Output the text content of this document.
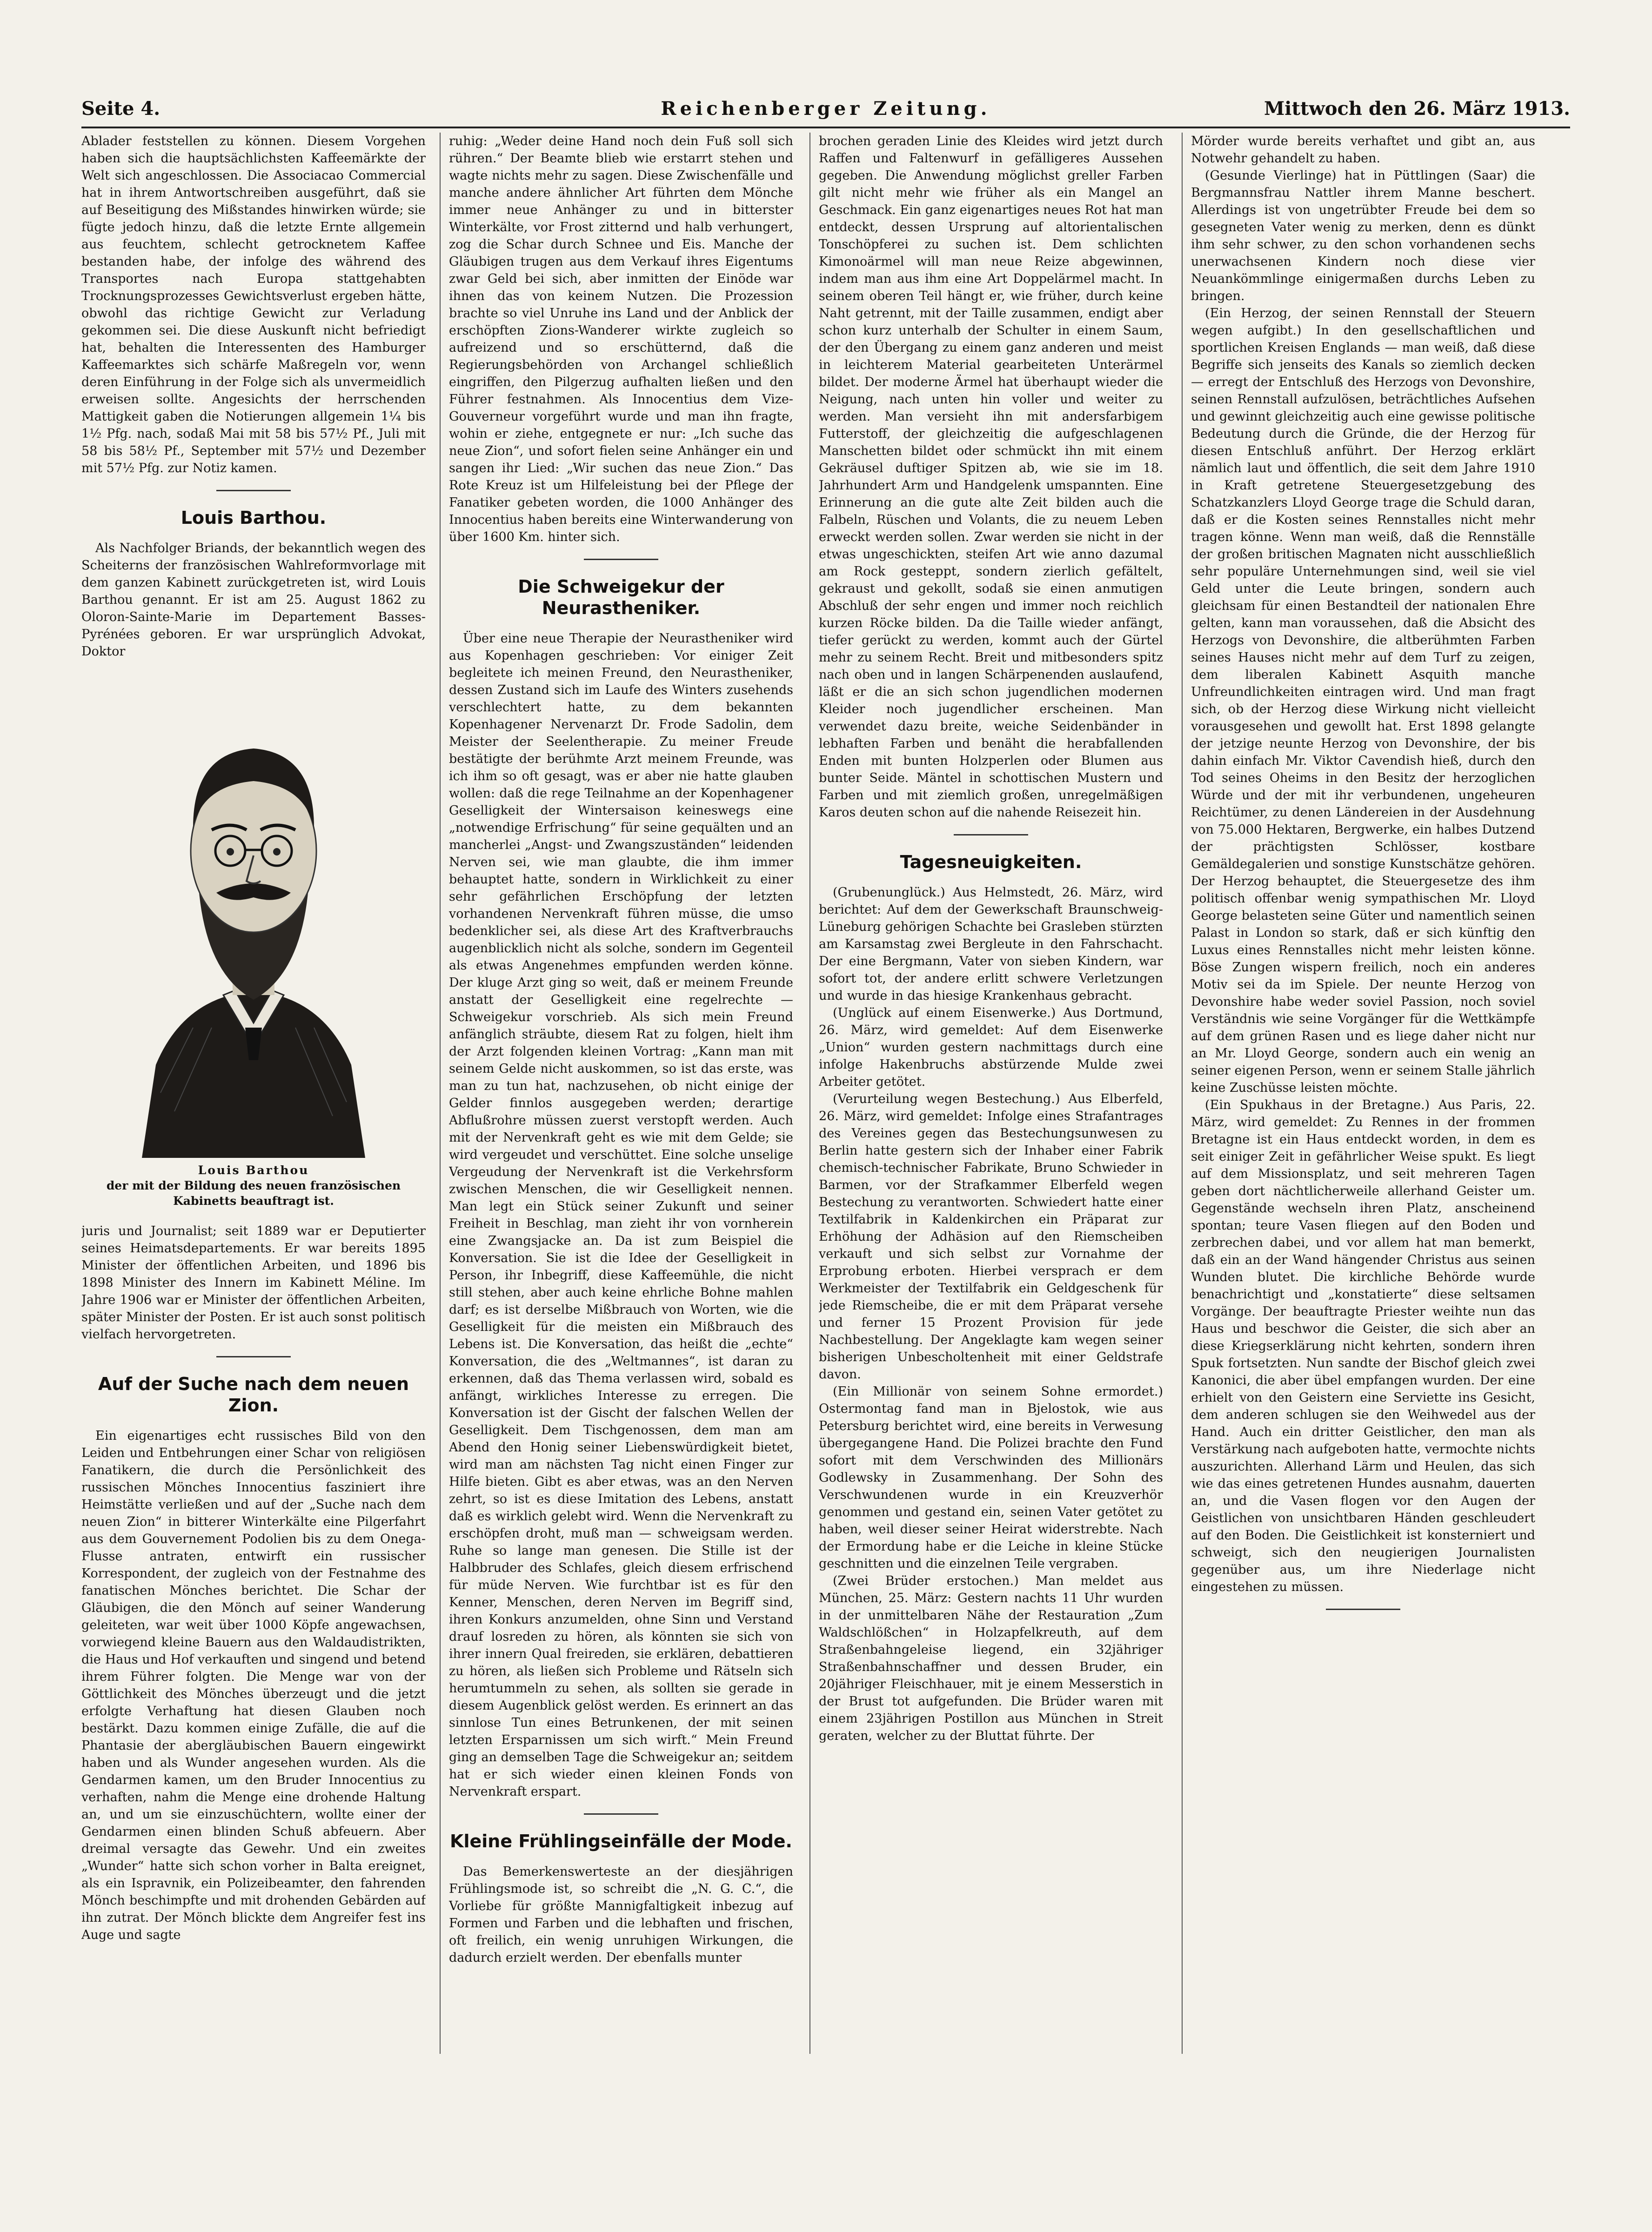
Seite 4.	Reichenberger Zeitung.	Mittwoch den 26. März 1913.

Ablader feststellen zu können. Diesem Vorgehen haben sich die hauptsächlichsten Kaffeemärkte der Welt sich angeschlossen. Die Associacao Commercial hat in ihrem Antwortschreiben ausgeführt, daß sie auf Beseitigung des Mißstandes hinwirken würde; sie fügte jedoch hinzu, daß die letzte Ernte allgemein aus feuchtem, schlecht getrocknetem Kaffee bestanden habe, der infolge des während des Transportes nach Europa stattgehabten Trocknungsprozesses Gewichtsverlust ergeben hätte, obwohl das richtige Gewicht zur Verladung gekommen sei. Die diese Auskunft nicht befriedigt hat, behalten die Interessenten des Hamburger Kaffeemarktes sich schärfe Maßregeln vor, wenn deren Einführung in der Folge sich als unvermeidlich erweisen sollte. Angesichts der herrschenden Mattigkeit gaben die Notierungen allgemein 1¼ bis 1½ Pfg. nach, sodaß Mai mit 58 bis 57½ Pf., Juli mit 58 bis 58½ Pf., September mit 57½ und Dezember mit 57½ Pfg. zur Notiz kamen.

Louis Barthou.

Als Nachfolger Briands, der bekanntlich wegen des Scheiterns der französischen Wahlreformvorlage mit dem ganzen Kabinett zurückgetreten ist, wird Louis Barthou genannt. Er ist am 25. August 1862 zu Oloron-Sainte-Marie im Departement Basses-Pyrénées geboren. Er war ursprünglich Advokat, Doktor

Louis Barthou
der mit der Bildung des neuen französischen Kabinetts beauftragt ist.

juris und Journalist; seit 1889 war er Deputierter seines Heimatsdepartements. Er war bereits 1895 Minister der öffentlichen Arbeiten, und 1896 bis 1898 Minister des Innern im Kabinett Méline. Im Jahre 1906 war er Minister der öffentlichen Arbeiten, später Minister der Posten. Er ist auch sonst politisch vielfach hervorgetreten.

Auf der Suche nach dem neuen Zion.

Ein eigenartiges echt russisches Bild von den Leiden und Entbehrungen einer Schar von religiösen Fanatikern, die durch die Persönlichkeit des russischen Mönches Innocentius fasziniert ihre Heimstätte verließen und auf der „Suche nach dem neuen Zion“ in bitterer Winterkälte eine Pilgerfahrt aus dem Gouvernement Podolien bis zu dem Onega-Flusse antraten, entwirft ein russischer Korrespondent, der zugleich von der Festnahme des fanatischen Mönches berichtet. Die Schar der Gläubigen, die den Mönch auf seiner Wanderung geleiteten, war weit über 1000 Köpfe angewachsen, vorwiegend kleine Bauern aus den Waldaudistrikten, die Haus und Hof verkauften und singend und betend ihrem Führer folgten. Die Menge war von der Göttlichkeit des Mönches überzeugt und die jetzt erfolgte Verhaftung hat diesen Glauben noch bestärkt. Dazu kommen einige Zufälle, die auf die Phantasie der abergläubischen Bauern eingewirkt haben und als Wunder angesehen wurden. Als die Gendarmen kamen, um den Bruder Innocentius zu verhaften, nahm die Menge eine drohende Haltung an, und um sie einzuschüchtern, wollte einer der Gendarmen einen blinden Schuß abfeuern. Aber dreimal versagte das Gewehr. Und ein zweites „Wunder“ hatte sich schon vorher in Balta ereignet, als ein Ispravnik, ein Polizeibeamter, den fahrenden Mönch beschimpfte und mit drohenden Gebärden auf ihn zutrat. Der Mönch blickte dem Angreifer fest ins Auge und sagte

ruhig: „Weder deine Hand noch dein Fuß soll sich rühren.“ Der Beamte blieb wie erstarrt stehen und wagte nichts mehr zu sagen. Diese Zwischenfälle und manche andere ähnlicher Art führten dem Mönche immer neue Anhänger zu und in bitterster Winterkälte, vor Frost zitternd und halb verhungert, zog die Schar durch Schnee und Eis. Manche der Gläubigen trugen aus dem Verkauf ihres Eigentums zwar Geld bei sich, aber inmitten der Einöde war ihnen das von keinem Nutzen. Die Prozession brachte so viel Unruhe ins Land und der Anblick der erschöpften Zions-Wanderer wirkte zugleich so aufreizend und so erschütternd, daß die Regierungsbehörden von Archangel schließlich eingriffen, den Pilgerzug aufhalten ließen und den Führer festnahmen. Als Innocentius dem Vize-Gouverneur vorgeführt wurde und man ihn fragte, wohin er ziehe, entgegnete er nur: „Ich suche das neue Zion“, und sofort fielen seine Anhänger ein und sangen ihr Lied: „Wir suchen das neue Zion.“ Das Rote Kreuz ist um Hilfeleistung bei der Pflege der Fanatiker gebeten worden, die 1000 Anhänger des Innocentius haben bereits eine Winterwanderung von über 1600 Km. hinter sich.

Die Schweigekur der Neurastheniker.

Über eine neue Therapie der Neurastheniker wird aus Kopenhagen geschrieben: Vor einiger Zeit begleitete ich meinen Freund, den Neurastheniker, dessen Zustand sich im Laufe des Winters zusehends verschlechtert hatte, zu dem bekannten Kopenhagener Nervenarzt Dr. Frode Sadolin, dem Meister der Seelentherapie. Zu meiner Freude bestätigte der berühmte Arzt meinem Freunde, was ich ihm so oft gesagt, was er aber nie hatte glauben wollen: daß die rege Teilnahme an der Kopenhagener Geselligkeit der Wintersaison keineswegs eine „notwendige Erfrischung“ für seine gequälten und an mancherlei „Angst- und Zwangszuständen“ leidenden Nerven sei, wie man glaubte, die ihm immer behauptet hatte, sondern in Wirklichkeit zu einer sehr gefährlichen Erschöpfung der letzten vorhandenen Nervenkraft führen müsse, die umso bedenklicher sei, als diese Art des Kraftverbrauchs augenblicklich nicht als solche, sondern im Gegenteil als etwas Angenehmes empfunden werden könne. Der kluge Arzt ging so weit, daß er meinem Freunde anstatt der Geselligkeit eine regelrechte — Schweigekur vorschrieb. Als sich mein Freund anfänglich sträubte, diesem Rat zu folgen, hielt ihm der Arzt folgenden kleinen Vortrag: „Kann man mit seinem Gelde nicht auskommen, so ist das erste, was man zu tun hat, nachzusehen, ob nicht einige der Gelder finnlos ausgegeben werden; derartige Abflußrohre müssen zuerst verstopft werden. Auch mit der Nervenkraft geht es wie mit dem Gelde; sie wird vergeudet und verschüttet. Eine solche unselige Vergeudung der Nervenkraft ist die Verkehrsform zwischen Menschen, die wir Geselligkeit nennen. Man legt ein Stück seiner Zukunft und seiner Freiheit in Beschlag, man zieht ihr von vornherein eine Zwangsjacke an. Da ist zum Beispiel die Konversation. Sie ist die Idee der Geselligkeit in Person, ihr Inbegriff, diese Kaffeemühle, die nicht still stehen, aber auch keine ehrliche Bohne mahlen darf; es ist derselbe Mißbrauch von Worten, wie die Geselligkeit für die meisten ein Mißbrauch des Lebens ist. Die Konversation, das heißt die „echte“ Konversation, die des „Weltmannes“, ist daran zu erkennen, daß das Thema verlassen wird, sobald es anfängt, wirkliches Interesse zu erregen. Die Konversation ist der Gischt der falschen Wellen der Geselligkeit. Dem Tischgenossen, dem man am Abend den Honig seiner Liebenswürdigkeit bietet, wird man am nächsten Tag nicht einen Finger zur Hilfe bieten. Gibt es aber etwas, was an den Nerven zehrt, so ist es diese Imitation des Lebens, anstatt daß es wirklich gelebt wird. Wenn die Nervenkraft zu erschöpfen droht, muß man — schweigsam werden. Ruhe so lange man genesen. Die Stille ist der Halbbruder des Schlafes, gleich diesem erfrischend für müde Nerven. Wie furchtbar ist es für den Kenner, Menschen, deren Nerven im Begriff sind, ihren Konkurs anzumelden, ohne Sinn und Verstand drauf losreden zu hören, als könnten sie sich von ihrer innern Qual freireden, sie erklären, debattieren zu hören, als ließen sich Probleme und Rätseln sich herumtummeln zu sehen, als sollten sie gerade in diesem Augenblick gelöst werden. Es erinnert an das sinnlose Tun eines Betrunkenen, der mit seinen letzten Ersparnissen um sich wirft.“ Mein Freund ging an demselben Tage die Schweigekur an; seitdem hat er sich wieder einen kleinen Fonds von Nervenkraft erspart.

Kleine Frühlingseinfälle der Mode.

Das Bemerkenswerteste an der diesjährigen Frühlingsmode ist, so schreibt die „N. G. C.“, die Vorliebe für größte Mannigfaltigkeit inbezug auf Formen und Farben und die lebhaften und frischen, oft freilich, ein wenig unruhigen Wirkungen, die dadurch erzielt werden. Der ebenfalls munter

brochen geraden Linie des Kleides wird jetzt durch Raffen und Faltenwurf in gefälligeres Aussehen gegeben. Die Anwendung möglichst greller Farben gilt nicht mehr wie früher als ein Mangel an Geschmack. Ein ganz eigenartiges neues Rot hat man entdeckt, dessen Ursprung auf altorientalischen Tonschöpferei zu suchen ist. Dem schlichten Kimonoärmel will man neue Reize abgewinnen, indem man aus ihm eine Art Doppelärmel macht. In seinem oberen Teil hängt er, wie früher, durch keine Naht getrennt, mit der Taille zusammen, endigt aber schon kurz unterhalb der Schulter in einem Saum, der den Übergang zu einem ganz anderen und meist in leichterem Material gearbeiteten Unterärmel bildet. Der moderne Ärmel hat überhaupt wieder die Neigung, nach unten hin voller und weiter zu werden. Man versieht ihn mit andersfarbigem Futterstoff, der gleichzeitig die aufgeschlagenen Manschetten bildet oder schmückt ihn mit einem Gekräusel duftiger Spitzen ab, wie sie im 18. Jahrhundert Arm und Handgelenk umspannten. Eine Erinnerung an die gute alte Zeit bilden auch die Falbeln, Rüschen und Volants, die zu neuem Leben erweckt werden sollen. Zwar werden sie nicht in der etwas ungeschickten, steifen Art wie anno dazumal am Rock gesteppt, sondern zierlich gefältelt, gekraust und gekollt, sodaß sie einen anmutigen Abschluß der sehr engen und immer noch reichlich kurzen Röcke bilden. Da die Taille wieder anfängt, tiefer gerückt zu werden, kommt auch der Gürtel mehr zu seinem Recht. Breit und mitbesonders spitz nach oben und in langen Schärpenenden auslaufend, läßt er die an sich schon jugendlichen modernen Kleider noch jugendlicher erscheinen. Man verwendet dazu breite, weiche Seidenbänder in lebhaften Farben und benäht die herabfallenden Enden mit bunten Holzperlen oder Blumen aus bunter Seide. Mäntel in schottischen Mustern und Farben und mit ziemlich großen, unregelmäßigen Karos deuten schon auf die nahende Reisezeit hin.

Tagesneuigkeiten.

(Grubenunglück.) Aus Helmstedt, 26. März, wird berichtet: Auf dem der Gewerkschaft Braunschweig-Lüneburg gehörigen Schachte bei Grasleben stürzten am Karsamstag zwei Bergleute in den Fahrschacht. Der eine Bergmann, Vater von sieben Kindern, war sofort tot, der andere erlitt schwere Verletzungen und wurde in das hiesige Krankenhaus gebracht.

(Unglück auf einem Eisenwerke.) Aus Dortmund, 26. März, wird gemeldet: Auf dem Eisenwerke „Union“ wurden gestern nachmittags durch eine infolge Hakenbruchs abstürzende Mulde zwei Arbeiter getötet.

(Verurteilung wegen Bestechung.) Aus Elberfeld, 26. März, wird gemeldet: Infolge eines Strafantrages des Vereines gegen das Bestechungsunwesen zu Berlin hatte gestern sich der Inhaber einer Fabrik chemisch-technischer Fabrikate, Bruno Schwieder in Barmen, vor der Strafkammer Elberfeld wegen Bestechung zu verantworten. Schwiedert hatte einer Textilfabrik in Kaldenkirchen ein Präparat zur Erhöhung der Adhäsion auf den Riemscheiben verkauft und sich selbst zur Vornahme der Erprobung erboten. Hierbei versprach er dem Werkmeister der Textilfabrik ein Geldgeschenk für jede Riemscheibe, die er mit dem Präparat versehe und ferner 15 Prozent Provision für jede Nachbestellung. Der Angeklagte kam wegen seiner bisherigen Unbescholtenheit mit einer Geldstrafe davon.

(Ein Millionär von seinem Sohne ermordet.) Ostermontag fand man in Bjelostok, wie aus Petersburg berichtet wird, eine bereits in Verwesung übergegangene Hand. Die Polizei brachte den Fund sofort mit dem Verschwinden des Millionärs Godlewsky in Zusammenhang. Der Sohn des Verschwundenen wurde in ein Kreuzverhör genommen und gestand ein, seinen Vater getötet zu haben, weil dieser seiner Heirat widerstrebte. Nach der Ermordung habe er die Leiche in kleine Stücke geschnitten und die einzelnen Teile vergraben.

(Zwei Brüder erstochen.) Man meldet aus München, 25. März: Gestern nachts 11 Uhr wurden in der unmittelbaren Nähe der Restauration „Zum Waldschlößchen“ in Holzapfelkreuth, auf dem Straßenbahngeleise liegend, ein 32jähriger Straßenbahnschaffner und dessen Bruder, ein 20jähriger Fleischhauer, mit je einem Messerstich in der Brust tot aufgefunden. Die Brüder waren mit einem 23jährigen Postillon aus München in Streit geraten, welcher zu der Bluttat führte. Der

Mörder wurde bereits verhaftet und gibt an, aus Notwehr gehandelt zu haben.

(Gesunde Vierlinge) hat in Püttlingen (Saar) die Bergmannsfrau Nattler ihrem Manne beschert. Allerdings ist von ungetrübter Freude bei dem so gesegneten Vater wenig zu merken, denn es dünkt ihm sehr schwer, zu den schon vorhandenen sechs unerwachsenen Kindern noch diese vier Neuankömmlinge einigermaßen durchs Leben zu bringen.

(Ein Herzog, der seinen Rennstall der Steuern wegen aufgibt.) In den gesellschaftlichen und sportlichen Kreisen Englands — man weiß, daß diese Begriffe sich jenseits des Kanals so ziemlich decken — erregt der Entschluß des Herzogs von Devonshire, seinen Rennstall aufzulösen, beträchtliches Aufsehen und gewinnt gleichzeitig auch eine gewisse politische Bedeutung durch die Gründe, die der Herzog für diesen Entschluß anführt. Der Herzog erklärt nämlich laut und öffentlich, die seit dem Jahre 1910 in Kraft getretene Steuergesetzgebung des Schatzkanzlers Lloyd George trage die Schuld daran, daß er die Kosten seines Rennstalles nicht mehr tragen könne. Wenn man weiß, daß die Rennställe der großen britischen Magnaten nicht ausschließlich sehr populäre Unternehmungen sind, weil sie viel Geld unter die Leute bringen, sondern auch gleichsam für einen Bestandteil der nationalen Ehre gelten, kann man voraussehen, daß die Absicht des Herzogs von Devonshire, die altberühmten Farben seines Hauses nicht mehr auf dem Turf zu zeigen, dem liberalen Kabinett Asquith manche Unfreundlichkeiten eintragen wird. Und man fragt sich, ob der Herzog diese Wirkung nicht vielleicht vorausgesehen und gewollt hat. Erst 1898 gelangte der jetzige neunte Herzog von Devonshire, der bis dahin einfach Mr. Viktor Cavendish hieß, durch den Tod seines Oheims in den Besitz der herzoglichen Würde und der mit ihr verbundenen, ungeheuren Reichtümer, zu denen Ländereien in der Ausdehnung von 75.000 Hektaren, Bergwerke, ein halbes Dutzend der prächtigsten Schlösser, kostbare Gemäldegalerien und sonstige Kunstschätze gehören. Der Herzog behauptet, die Steuergesetze des ihm politisch offenbar wenig sympathischen Mr. Lloyd George belasteten seine Güter und namentlich seinen Palast in London so stark, daß er sich künftig den Luxus eines Rennstalles nicht mehr leisten könne. Böse Zungen wispern freilich, noch ein anderes Motiv sei da im Spiele. Der neunte Herzog von Devonshire habe weder soviel Passion, noch soviel Verständnis wie seine Vorgänger für die Wettkämpfe auf dem grünen Rasen und es liege daher nicht nur an Mr. Lloyd George, sondern auch ein wenig an seiner eigenen Person, wenn er seinem Stalle jährlich keine Zuschüsse leisten möchte.

(Ein Spukhaus in der Bretagne.) Aus Paris, 22. März, wird gemeldet: Zu Rennes in der frommen Bretagne ist ein Haus entdeckt worden, in dem es seit einiger Zeit in gefährlicher Weise spukt. Es liegt auf dem Missionsplatz, und seit mehreren Tagen geben dort nächtlicherweile allerhand Geister um. Gegenstände wechseln ihren Platz, anscheinend spontan; teure Vasen fliegen auf den Boden und zerbrechen dabei, und vor allem hat man bemerkt, daß ein an der Wand hängender Christus aus seinen Wunden blutet. Die kirchliche Behörde wurde benachrichtigt und „konstatierte“ diese seltsamen Vorgänge. Der beauftragte Priester weihte nun das Haus und beschwor die Geister, die sich aber an diese Kriegserklärung nicht kehrten, sondern ihren Spuk fortsetzten. Nun sandte der Bischof gleich zwei Kanonici, die aber übel empfangen wurden. Der eine erhielt von den Geistern eine Serviette ins Gesicht, dem anderen schlugen sie den Weihwedel aus der Hand. Auch ein dritter Geistlicher, den man als Verstärkung nach aufgeboten hatte, vermochte nichts auszurichten. Allerhand Lärm und Heulen, das sich wie das eines getretenen Hundes ausnahm, dauerten an, und die Vasen flogen vor den Augen der Geistlichen von unsichtbaren Händen geschleudert auf den Boden. Die Geistlichkeit ist konsterniert und schweigt, sich den neugierigen Journalisten gegenüber aus, um ihre Niederlage nicht eingestehen zu müssen.
